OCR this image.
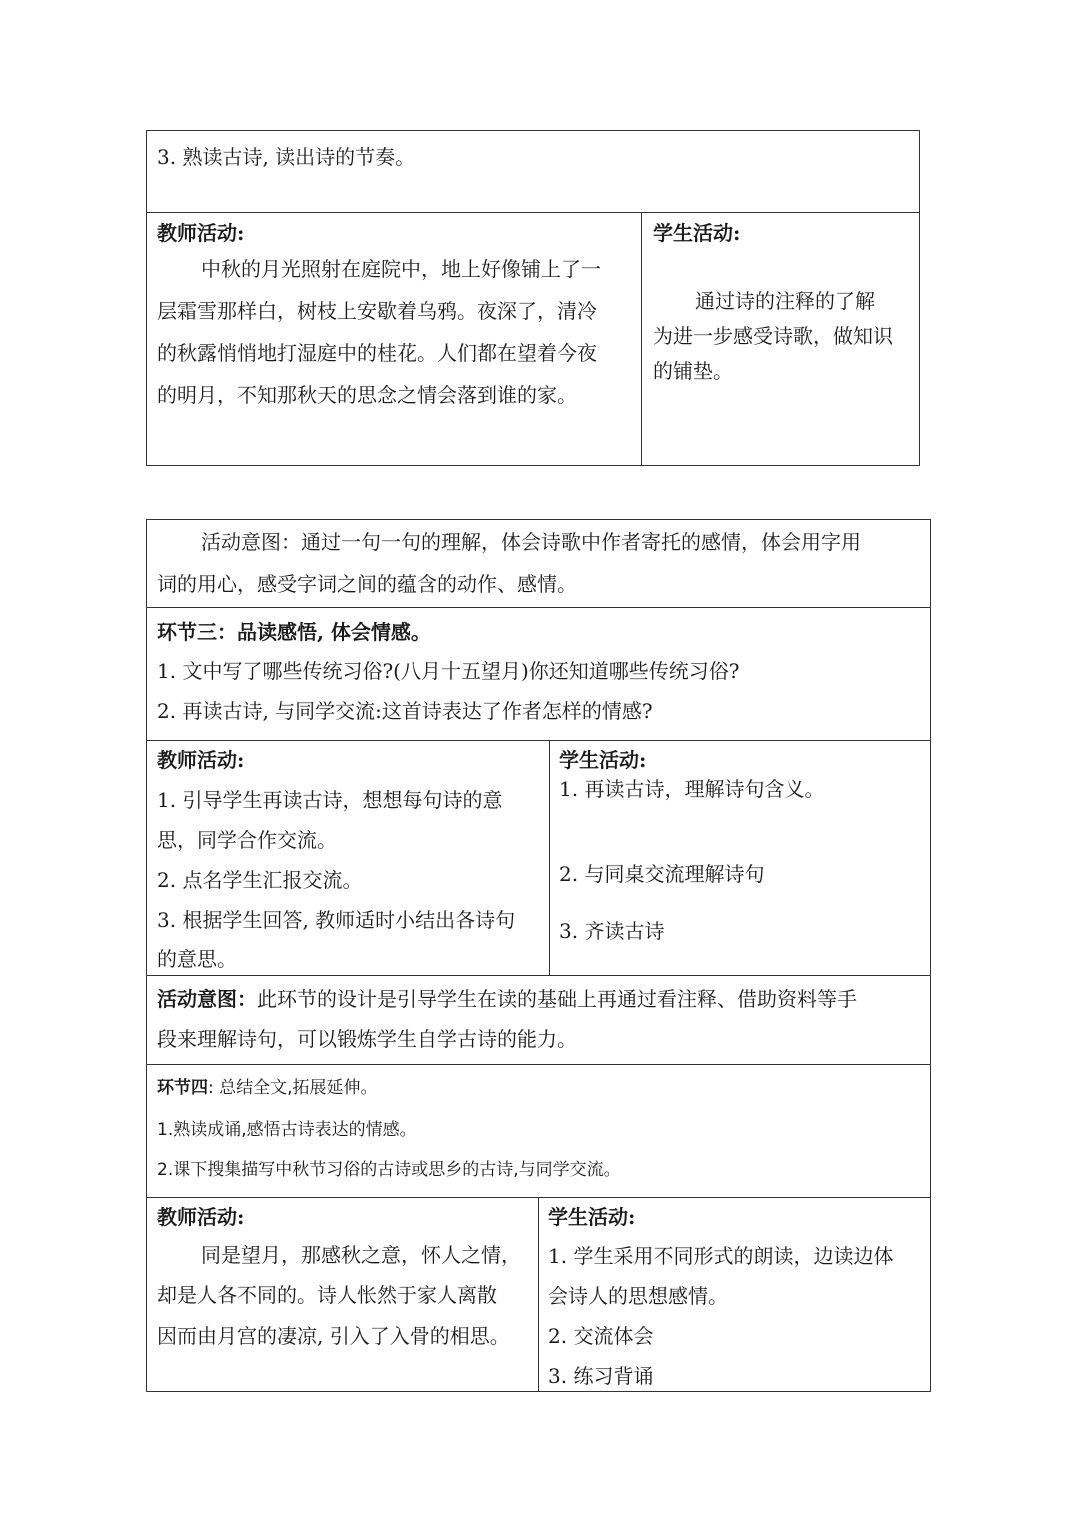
3. 熟读古诗, 读出诗的节奏。
教师活动:
中秋的月光照射在庭院中，地上好像铺上了一
层霜雪那样白，树枝上安歇着乌鸦。夜深了，清冷
的秋露悄悄地打湿庭中的桂花。人们都在望着今夜
的明月，不知那秋天的思念之情会落到谁的家。
学生活动:
通过诗的注释的了解
为进一步感受诗歌，做知识
的铺垫。
活动意图：通过一句一句的理解，体会诗歌中作者寄托的感情，体会用字用
词的用心，感受字词之间的蕴含的动作、感情。
环节三：品读感悟, 体会情感。
1. 文中写了哪些传统习俗?(八月十五望月)你还知道哪些传统习俗?
2. 再读古诗, 与同学交流:这首诗表达了作者怎样的情感?
教师活动:
1. 引导学生再读古诗，想想每句诗的意
思，同学合作交流。
2. 点名学生汇报交流。
3. 根据学生回答, 教师适时小结出各诗句
的意思。
学生活动:
1. 再读古诗，理解诗句含义。
2. 与同桌交流理解诗句
3. 齐读古诗
活动意图：此环节的设计是引导学生在读的基础上再通过看注释、借助资料等手
段来理解诗句，可以锻炼学生自学古诗的能力。
环节四: 总结全文,拓展延伸。
1.熟读成诵,感悟古诗表达的情感。
2.课下搜集描写中秋节习俗的古诗或思乡的古诗,与同学交流。
教师活动:
同是望月，那感秋之意，怀人之情，
却是人各不同的。诗人怅然于家人离散
因而由月宫的凄凉, 引入了入骨的相思。
学生活动:
1. 学生采用不同形式的朗读，边读边体
会诗人的思想感情。
2. 交流体会
3. 练习背诵
